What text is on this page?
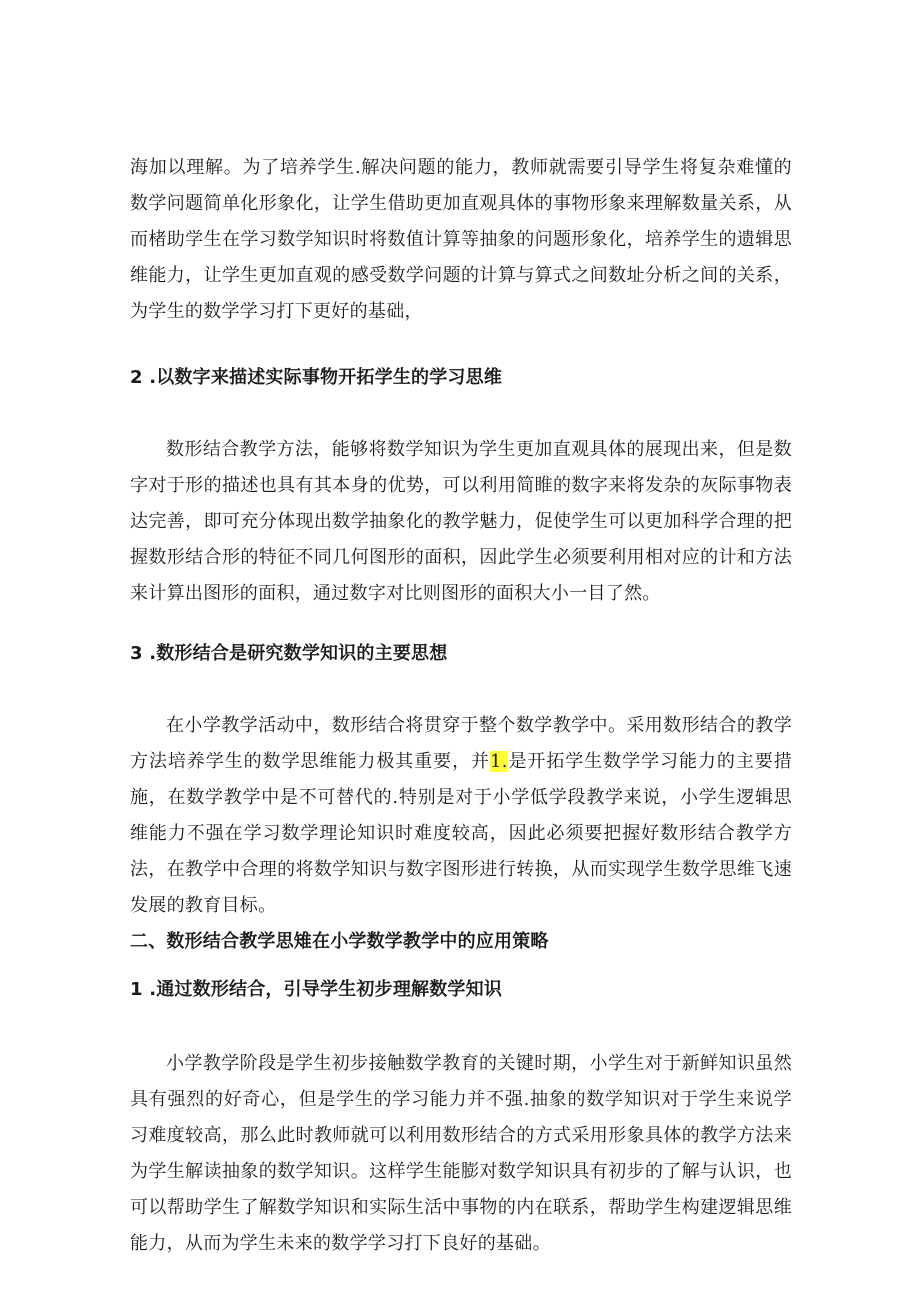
海加以理解。为了培养学生.解决问题的能力，教师就需要引导学生将复杂难懂的数学问题简单化形象化，让学生借助更加直观具体的事物形象来理解数量关系，从而楮助学生在学习数学知识时将数值计算等抽象的问题形象化，培养学生的遗辑思维能力，让学生更加直观的感受数学问题的计算与算式之间数址分析之间的关系，为学生的数学学习打下更好的基础，

2 .以数字来描述实际事物开拓学生的学习思维

数形结合教学方法，能够将数学知识为学生更加直观具体的展现出来，但是数字对于形的描述也具有其本身的优势，可以利用简睢的数字来将发杂的灰际事物表达完善，即可充分体现出数学抽象化的教学魅力，促使学生可以更加科学合理的把握数形结合形的特征不同几何图形的面积，因此学生必须要利用相对应的计和方法来计算出图形的面积，通过数字对比则图形的面积大小一目了然。

3 .数形结合是研究数学知识的主要思想

在小学教学活动中，数形结合将贯穿于整个数学教学中。采用数形结合的教学方法培养学生的数学思维能力极其重要，并1.是开拓学生数学学习能力的主要措施，在数学教学中是不可替代的.特别是对于小学低学段教学来说，小学生逻辑思维能力不强在学习数学理论知识时难度较高，因此必须要把握好数形结合教学方法，在教学中合理的将数学知识与数字图形进行转换，从而实现学生数学思维飞速发展的教育目标。

二、数形结合教学思雉在小学数学教学中的应用策略

1 .通过数形结合，引导学生初步理解数学知识

小学教学阶段是学生初步接触数学教育的关键时期，小学生对于新鲜知识虽然具有强烈的好奇心，但是学生的学习能力并不强.抽象的数学知识对于学生来说学习难度较高，那么此时教师就可以利用数形结合的方式采用形象具体的教学方法来为学生解读抽象的数学知识。这样学生能膨对数学知识具有初步的了解与认识，也可以帮助学生了解数学知识和实际生活中事物的内在联系，帮助学生构建逻辑思维能力，从而为学生未来的数学学习打下良好的基础。
